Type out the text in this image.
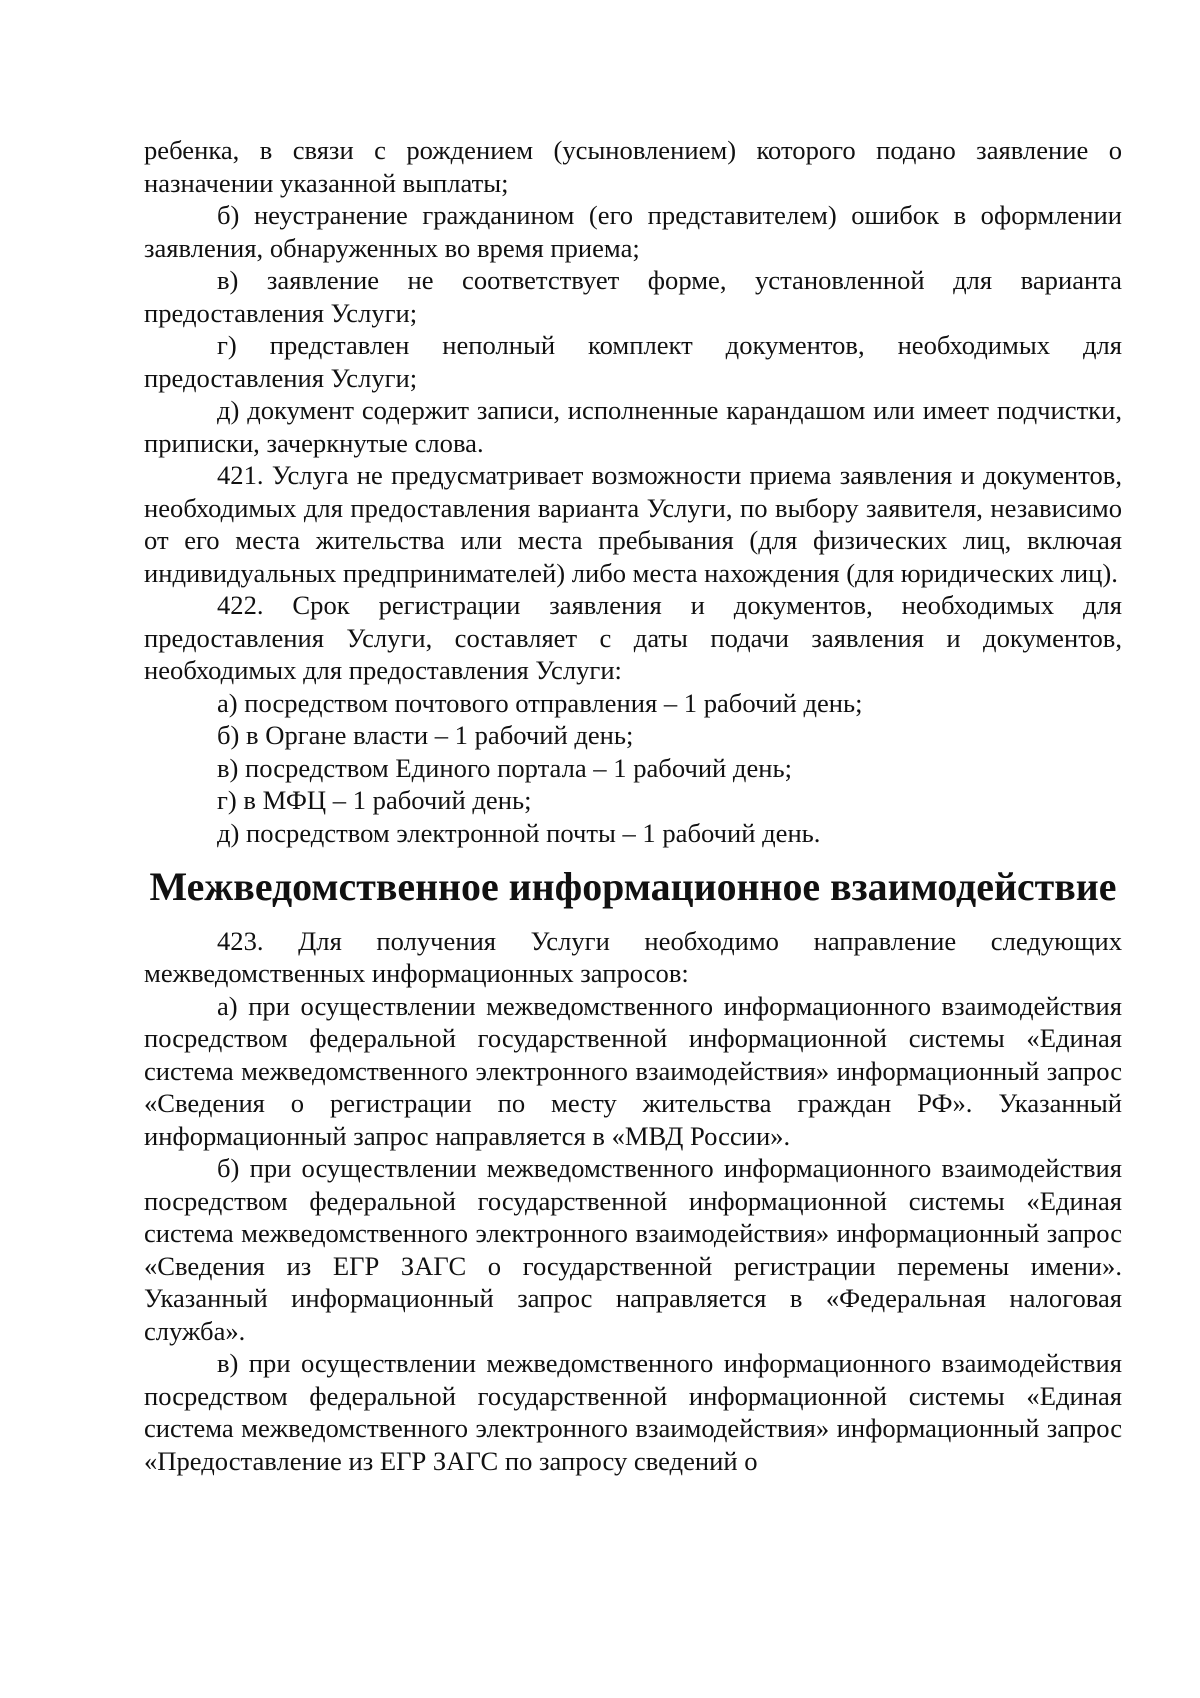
ребенка, в связи с рождением (усыновлением) которого подано заявление о назначении указанной выплаты;

б) неустранение гражданином (его представителем) ошибок в оформлении заявления, обнаруженных во время приема;

в) заявление не соответствует форме, установленной для варианта предоставления Услуги;

г) представлен неполный комплект документов, необходимых для предоставления Услуги;

д) документ содержит записи, исполненные карандашом или имеет подчистки, приписки, зачеркнутые слова.

421. Услуга не предусматривает возможности приема заявления и документов, необходимых для предоставления варианта Услуги, по выбору заявителя, независимо от его места жительства или места пребывания (для физических лиц, включая индивидуальных предпринимателей) либо места нахождения (для юридических лиц).

422. Срок регистрации заявления и документов, необходимых для предоставления Услуги, составляет с даты подачи заявления и документов, необходимых для предоставления Услуги:

а) посредством почтового отправления – 1 рабочий день;

б) в Органе власти – 1 рабочий день;

в) посредством Единого портала – 1 рабочий день;

г) в МФЦ – 1 рабочий день;

д) посредством электронной почты – 1 рабочий день.

Межведомственное информационное взаимодействие

423. Для получения Услуги необходимо направление следующих межведомственных информационных запросов:

а) при осуществлении межведомственного информационного взаимодействия посредством федеральной государственной информационной системы «Единая система межведомственного электронного взаимодействия» информационный запрос «Сведения о регистрации по месту жительства граждан РФ». Указанный информационный запрос направляется в «МВД России».

б) при осуществлении межведомственного информационного взаимодействия посредством федеральной государственной информационной системы «Единая система межведомственного электронного взаимодействия» информационный запрос «Сведения из ЕГР ЗАГС о государственной регистрации перемены имени». Указанный информационный запрос направляется в «Федеральная налоговая служба».

в) при осуществлении межведомственного информационного взаимодействия посредством федеральной государственной информационной системы «Единая система межведомственного электронного взаимодействия» информационный запрос «Предоставление из ЕГР ЗАГС по запросу сведений о
